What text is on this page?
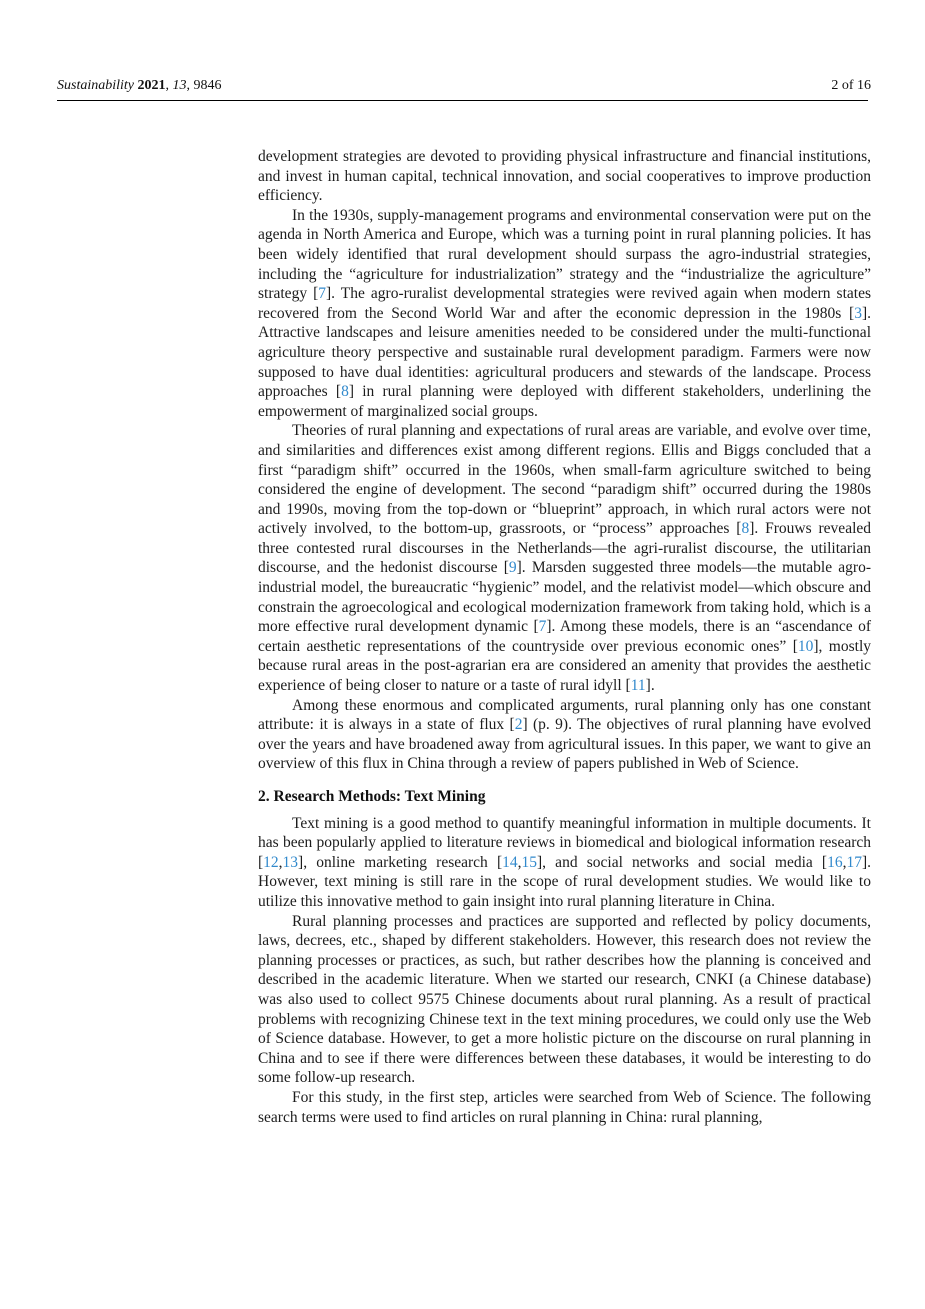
Sustainability 2021, 13, 9846	2 of 16

development strategies are devoted to providing physical infrastructure and financial institutions, and invest in human capital, technical innovation, and social cooperatives to improve production efficiency.

In the 1930s, supply-management programs and environmental conservation were put on the agenda in North America and Europe, which was a turning point in rural planning policies. It has been widely identified that rural development should surpass the agro-industrial strategies, including the “agriculture for industrialization” strategy and the “industrialize the agriculture” strategy [7]. The agro-ruralist developmental strategies were revived again when modern states recovered from the Second World War and after the economic depression in the 1980s [3]. Attractive landscapes and leisure amenities needed to be considered under the multi-functional agriculture theory perspective and sustainable rural development paradigm. Farmers were now supposed to have dual identities: agricultural producers and stewards of the landscape. Process approaches [8] in rural planning were deployed with different stakeholders, underlining the empowerment of marginalized social groups.

Theories of rural planning and expectations of rural areas are variable, and evolve over time, and similarities and differences exist among different regions. Ellis and Biggs concluded that a first “paradigm shift” occurred in the 1960s, when small-farm agriculture switched to being considered the engine of development. The second “paradigm shift” occurred during the 1980s and 1990s, moving from the top-down or “blueprint” approach, in which rural actors were not actively involved, to the bottom-up, grassroots, or “process” approaches [8]. Frouws revealed three contested rural discourses in the Netherlands—the agri-ruralist discourse, the utilitarian discourse, and the hedonist discourse [9]. Marsden suggested three models—the mutable agro-industrial model, the bureaucratic “hygienic” model, and the relativist model—which obscure and constrain the agroecological and ecological modernization framework from taking hold, which is a more effective rural development dynamic [7]. Among these models, there is an “ascendance of certain aesthetic representations of the countryside over previous economic ones” [10], mostly because rural areas in the post-agrarian era are considered an amenity that provides the aesthetic experience of being closer to nature or a taste of rural idyll [11].

Among these enormous and complicated arguments, rural planning only has one constant attribute: it is always in a state of flux [2] (p. 9). The objectives of rural planning have evolved over the years and have broadened away from agricultural issues. In this paper, we want to give an overview of this flux in China through a review of papers published in Web of Science.

2. Research Methods: Text Mining

Text mining is a good method to quantify meaningful information in multiple documents. It has been popularly applied to literature reviews in biomedical and biological information research [12,13], online marketing research [14,15], and social networks and social media [16,17]. However, text mining is still rare in the scope of rural development studies. We would like to utilize this innovative method to gain insight into rural planning literature in China.

Rural planning processes and practices are supported and reflected by policy documents, laws, decrees, etc., shaped by different stakeholders. However, this research does not review the planning processes or practices, as such, but rather describes how the planning is conceived and described in the academic literature. When we started our research, CNKI (a Chinese database) was also used to collect 9575 Chinese documents about rural planning. As a result of practical problems with recognizing Chinese text in the text mining procedures, we could only use the Web of Science database. However, to get a more holistic picture on the discourse on rural planning in China and to see if there were differences between these databases, it would be interesting to do some follow-up research.

For this study, in the first step, articles were searched from Web of Science. The following search terms were used to find articles on rural planning in China: rural planning,
